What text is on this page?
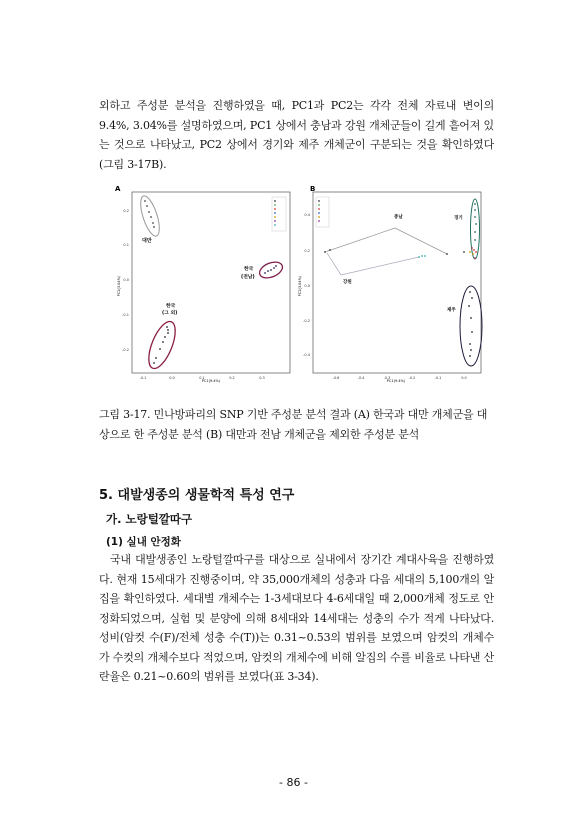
외하고 주성분 분석을 진행하였을 때, PC1과 PC2는 각각 전체 자료내 변이의 9.4%, 3.04%를 설명하였으며, PC1 상에서 충남과 강원 개체군들이 길게 흩어져 있는 것으로 나타났고, PC2 상에서 경기와 제주 개체군이 구분되는 것을 확인하였다(그림 3-17B).
A
PC2(3.04%)
PC1(9.4%)
-0.1	0.0	0.1	0.2	0.3
0.2
0.1
0.0
-0.1
-0.2
대만
한국
(전남)
한국
(그 외)
B
PC2(3.04%)
PC1(9.4%)
-0.6	-0.4	-0.3	-0.2	-0.1	0.0
0.4
0.2
0.0
-0.2
-0.4
충남
강원
경기
제주
그림 3-17. 민나방파리의 SNP 기반 주성분 분석 결과 (A) 한국과 대만 개체군을 대상으로 한 주성분 분석 (B) 대만과 전남 개체군을 제외한 주성분 분석
5. 대발생종의 생물학적 특성 연구
가. 노랑털깔따구
(1) 실내 안정화
국내 대발생종인 노랑털깔따구를 대상으로 실내에서 장기간 계대사육을 진행하였다. 현재 15세대가 진행중이며, 약 35,000개체의 성충과 다음 세대의 5,100개의 알집을 확인하였다. 세대별 개체수는 1-3세대보다 4-6세대일 때 2,000개체 정도로 안정화되었으며, 실험 및 분양에 의해 8세대와 14세대는 성충의 수가 적게 나타났다. 성비(암컷 수(F)/전체 성충 수(T))는 0.31~0.53의 범위를 보였으며 암컷의 개체수가 수컷의 개체수보다 적었으며, 암컷의 개체수에 비해 알집의 수를 비율로 나타낸 산란율은 0.21~0.60의 범위를 보였다(표 3-34).
- 86 -
